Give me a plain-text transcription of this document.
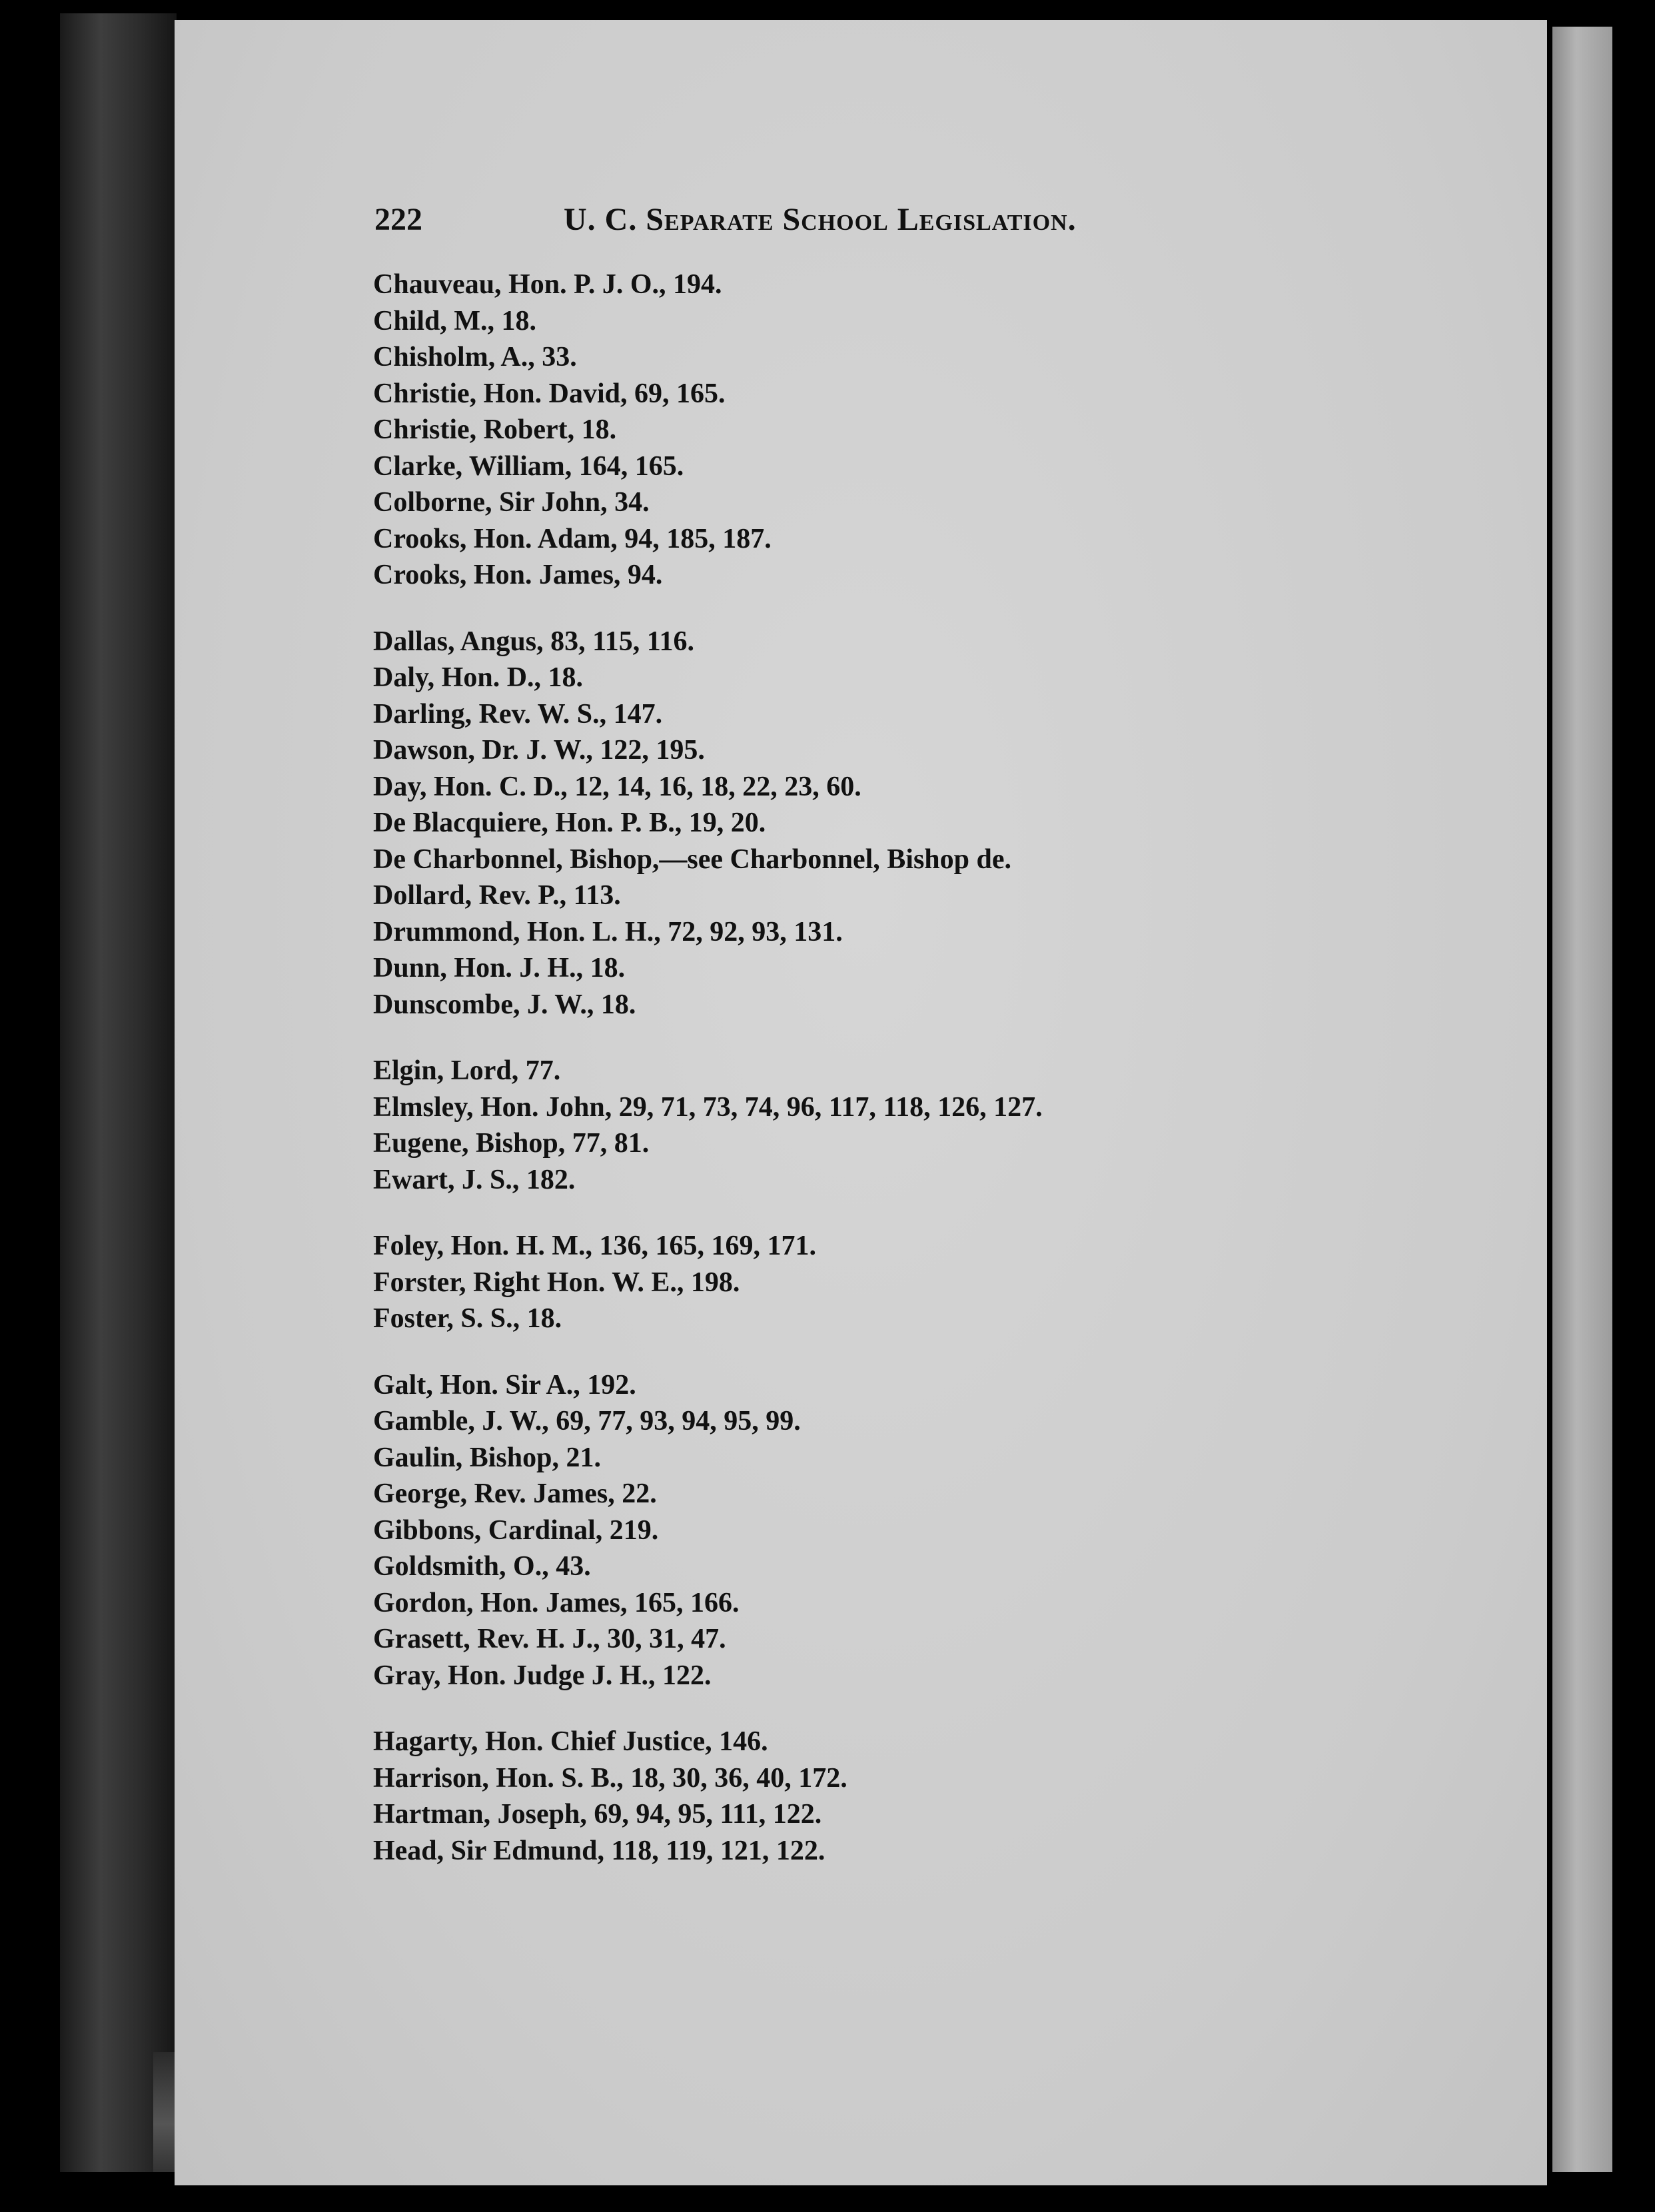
222	U. C. Separate School Legislation.
Chauveau, Hon. P. J. O., 194.
Child, M., 18.
Chisholm, A., 33.
Christie, Hon. David, 69, 165.
Christie, Robert, 18.
Clarke, William, 164, 165.
Colborne, Sir John, 34.
Crooks, Hon. Adam, 94, 185, 187.
Crooks, Hon. James, 94.
Dallas, Angus, 83, 115, 116.
Daly, Hon. D., 18.
Darling, Rev. W. S., 147.
Dawson, Dr. J. W., 122, 195.
Day, Hon. C. D., 12, 14, 16, 18, 22, 23, 60.
De Blacquiere, Hon. P. B., 19, 20.
De Charbonnel, Bishop,—see Charbonnel, Bishop de.
Dollard, Rev. P., 113.
Drummond, Hon. L. H., 72, 92, 93, 131.
Dunn, Hon. J. H., 18.
Dunscombe, J. W., 18.
Elgin, Lord, 77.
Elmsley, Hon. John, 29, 71, 73, 74, 96, 117, 118, 126, 127.
Eugene, Bishop, 77, 81.
Ewart, J. S., 182.
Foley, Hon. H. M., 136, 165, 169, 171.
Forster, Right Hon. W. E., 198.
Foster, S. S., 18.
Galt, Hon. Sir A., 192.
Gamble, J. W., 69, 77, 93, 94, 95, 99.
Gaulin, Bishop, 21.
George, Rev. James, 22.
Gibbons, Cardinal, 219.
Goldsmith, O., 43.
Gordon, Hon. James, 165, 166.
Grasett, Rev. H. J., 30, 31, 47.
Gray, Hon. Judge J. H., 122.
Hagarty, Hon. Chief Justice, 146.
Harrison, Hon. S. B., 18, 30, 36, 40, 172.
Hartman, Joseph, 69, 94, 95, 111, 122.
Head, Sir Edmund, 118, 119, 121, 122.
